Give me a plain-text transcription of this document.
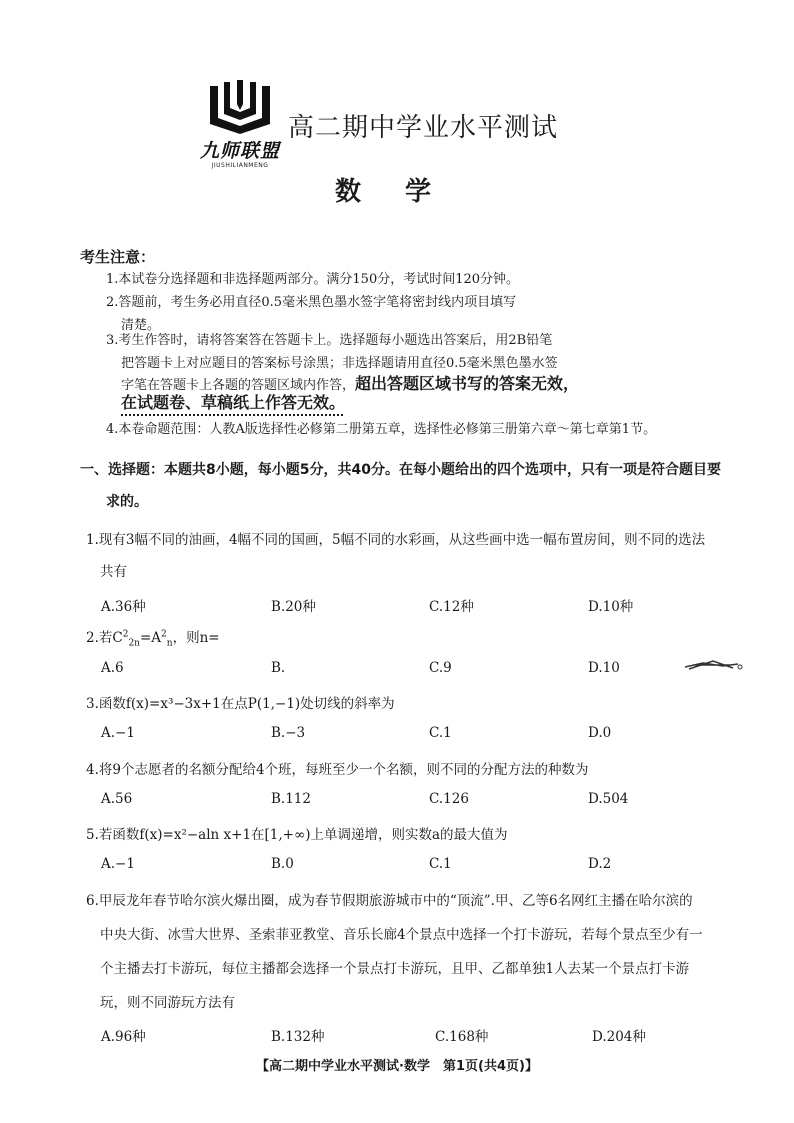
九师联盟
JIUSHILIANMENG
高二期中学业水平测试
数学
考生注意：
1.本试卷分选择题和非选择题两部分。满分150分，考试时间120分钟。
2.答题前，考生务必用直径0.5毫米黑色墨水签字笔将密封线内项目填写
清楚。
3.考生作答时，请将答案答在答题卡上。选择题每小题选出答案后，用2B铅笔
把答题卡上对应题目的答案标号涂黑；非选择题请用直径0.5毫米黑色墨水签
字笔在答题卡上各题的答题区域内作答，超出答题区域书写的答案无效，
在试题卷、草稿纸上作答无效。
4.本卷命题范围：人教A版选择性必修第二册第五章，选择性必修第三册第六章～第七章第1节。
一、选择题：本题共8小题，每小题5分，共40分。在每小题给出的四个选项中，只有一项是符合题目要
求的。
1.现有3幅不同的油画，4幅不同的国画，5幅不同的水彩画，从这些画中选一幅布置房间，则不同的选法
共有
A.36种	B.20种	C.12种	D.10种
2.若$C^2_{2n}=A^2_n$，则n=
A.6	B.	C.9	D.10
3.函数f(x)=x³−3x+1在点P(1,−1)处切线的斜率为
A.−1	B.−3	C.1	D.0
4.将9个志愿者的名额分配给4个班，每班至少一个名额，则不同的分配方法的种数为
A.56	B.112	C.126	D.504
5.若函数f(x)=x²−aln x+1在[1,+∞)上单调递增，则实数a的最大值为
A.−1	B.0	C.1	D.2
6.甲辰龙年春节哈尔滨火爆出圈，成为春节假期旅游城市中的“顶流”.甲、乙等6名网红主播在哈尔滨的
中央大街、冰雪大世界、圣索菲亚教堂、音乐长廊4个景点中选择一个打卡游玩，若每个景点至少有一
个主播去打卡游玩，每位主播都会选择一个景点打卡游玩，且甲、乙都单独1人去某一个景点打卡游
玩，则不同游玩方法有
A.96种	B.132种	C.168种	D.204种
【高二期中学业水平测试·数学　第1页(共4页)】
